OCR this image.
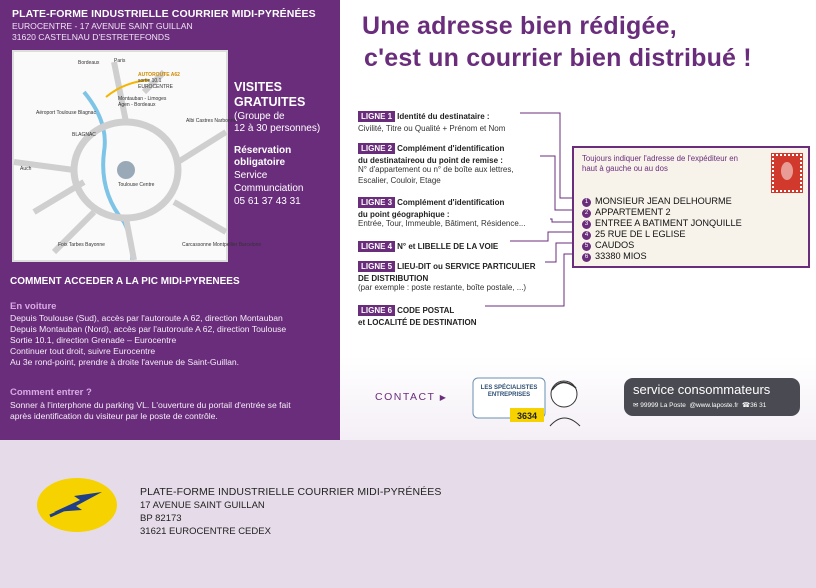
PLATE-FORME INDUSTRIELLE COURRIER MIDI-PYRÉNÉES
EUROCENTRE - 17 AVENUE SAINT GUILLAN
31620 CASTELNAU D'ESTRETEFONDS
Bordeaux	Paris
AUTOROUTE A62
sortie 10.1
EUROCENTRE
Montauban - Limoges
Agen - Bordeaux
Aéroport Toulouse Blagnac
BLAGNAC
Albi Castres Narbonne
Auch
Toulouse Centre
Foix Tarbes Bayonne	Carcassonne Montpellier Barcelone
VISITES
GRATUITES
(Groupe de
12 à 30 personnes)
Réservation
obligatoire
Service
Communciation
05 61 37 43 31
COMMENT ACCEDER A LA PIC MIDI-PYRENEES
En voiture
Depuis Toulouse (Sud), accès par l'autoroute A 62, direction Montauban
Depuis Montauban (Nord), accès par l'autoroute A 62, direction Toulouse
Sortie 10.1, direction Grenade – Eurocentre
Continuer tout droit, suivre Eurocentre
Au 3e rond-point, prendre à droite l'avenue de Saint-Guillan.
Comment entrer ?
Sonner à l'interphone du parking VL. L'ouverture du portail d'entrée se fait
après identification du visiteur par le poste de contrôle.
Une adresse bien rédigée,
c'est un courrier bien distribué !
LIGNE 1 Identité du destinataire :
Civilité, Titre ou Qualité + Prénom et Nom
LIGNE 2 Complément d'identification
du destinataireou du point de remise :
N° d'appartement ou n° de boîte aux lettres,
Escalier, Couloir, Etage
LIGNE 3 Complément d'identification
du point géographique :
Entrée, Tour, Immeuble, Bâtiment, Résidence...
LIGNE 4 N° et LIBELLE DE LA VOIE
LIGNE 5 LIEU-DIT ou SERVICE PARTICULIER
DE DISTRIBUTION
(par exemple : poste restante, boîte postale, ...)
LIGNE 6 CODE POSTAL
et LOCALITÉ DE DESTINATION
Toujours indiquer l'adresse de l'expéditeur en haut à gauche ou au dos
1 MONSIEUR JEAN DELHOURME
2 APPARTEMENT 2
3 ENTREE A BATIMENT JONQUILLE
4 25 RUE DE L EGLISE
5 CAUDOS
6 33380 MIOS
CONTACT ▶
LES SPÉCIALISTES
ENTREPRISES
3634
service consommateurs
✉ 99999 La Poste @www.laposte.fr ☎36 31
PLATE-FORME INDUSTRIELLE COURRIER MIDI-PYRÉNÉES
17 AVENUE SAINT GUILLAN
BP 82173
31621 EUROCENTRE CEDEX
